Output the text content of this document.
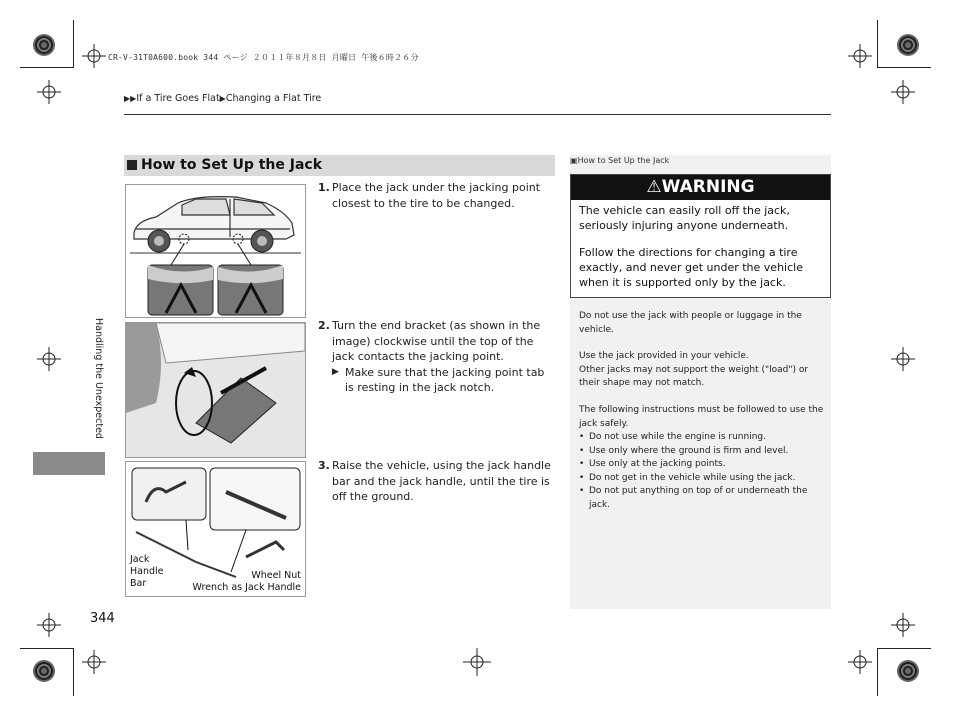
CR-V-31T0A600.book 344 ページ ２０１１年８月８日 月曜日 午後６時２６分
▶▶If a Tire Goes Flat▶Changing a Flat Tire
Handling the Unexpected
How to Set Up the Jack
Jack
Handle
Bar
Wheel Nut
Wrench as Jack Handle
1. Place the jack under the jacking point closest to the tire to be changed.
2. Turn the end bracket (as shown in the image) clockwise until the top of the jack contacts the jacking point.
▶ Make sure that the jacking point tab is resting in the jack notch.
3. Raise the vehicle, using the jack handle bar and the jack handle, until the tire is off the ground.
▣How to Set Up the Jack
⚠WARNING
The vehicle can easily roll off the jack, seriously injuring anyone underneath.
Follow the directions for changing a tire exactly, and never get under the vehicle when it is supported only by the jack.
Do not use the jack with people or luggage in the vehicle.
Use the jack provided in your vehicle.
Other jacks may not support the weight ("load") or their shape may not match.
The following instructions must be followed to use the jack safely.
• Do not use while the engine is running.
• Use only where the ground is firm and level.
• Use only at the jacking points.
• Do not get in the vehicle while using the jack.
• Do not put anything on top of or underneath the jack.
344
